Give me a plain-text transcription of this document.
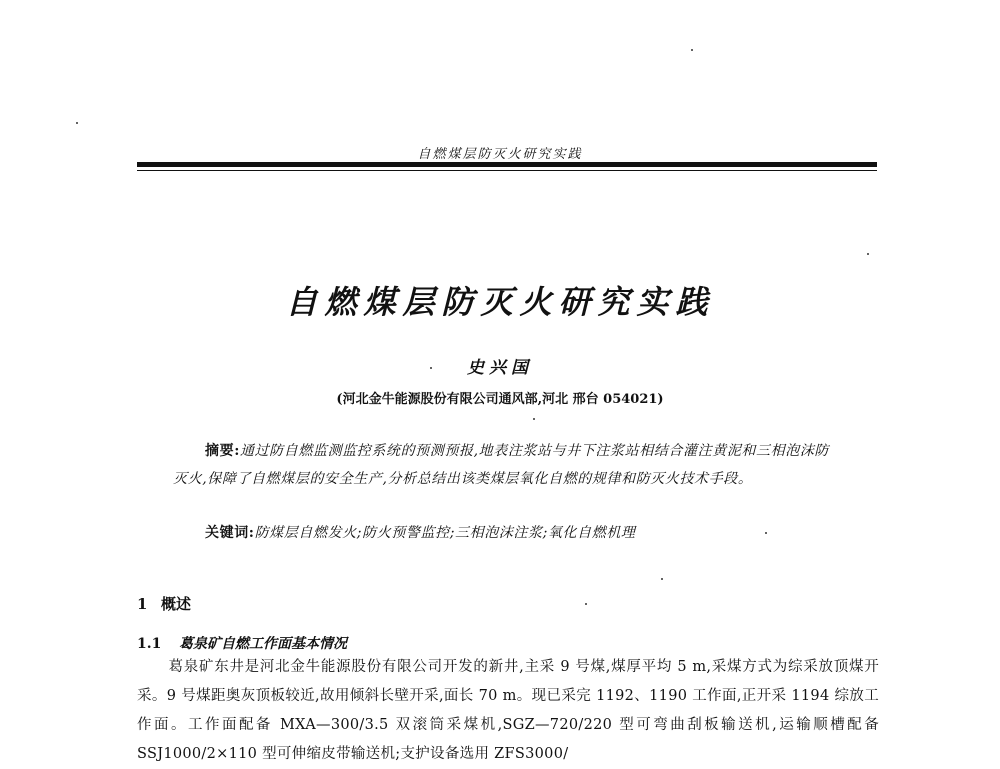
自燃煤层防灭火研究实践
自燃煤层防灭火研究实践
史兴国
(河北金牛能源股份有限公司通风部,河北 邢台 054021)
摘要:通过防自燃监测监控系统的预测预报,地表注浆站与井下注浆站相结合灌注黄泥和三相泡沫防灭火,保障了自燃煤层的安全生产,分析总结出该类煤层氧化自燃的规律和防灭火技术手段。
关键词:防煤层自燃发火;防火预警监控;三相泡沫注浆;氧化自燃机理
1 概述
1.1 葛泉矿自燃工作面基本情况
葛泉矿东井是河北金牛能源股份有限公司开发的新井,主采 9 号煤,煤厚平均 5 m,采煤方式为综采放顶煤开采。9 号煤距奥灰顶板较近,故用倾斜长壁开采,面长 70 m。现已采完 1192、1190 工作面,正开采 1194 综放工作面。工作面配备 MXA—300/3.5 双滚筒采煤机,SGZ—720/220 型可弯曲刮板输送机,运输顺槽配备 SSJ1000/2×110 型可伸缩皮带输送机;支护设备选用 ZFS3000/
